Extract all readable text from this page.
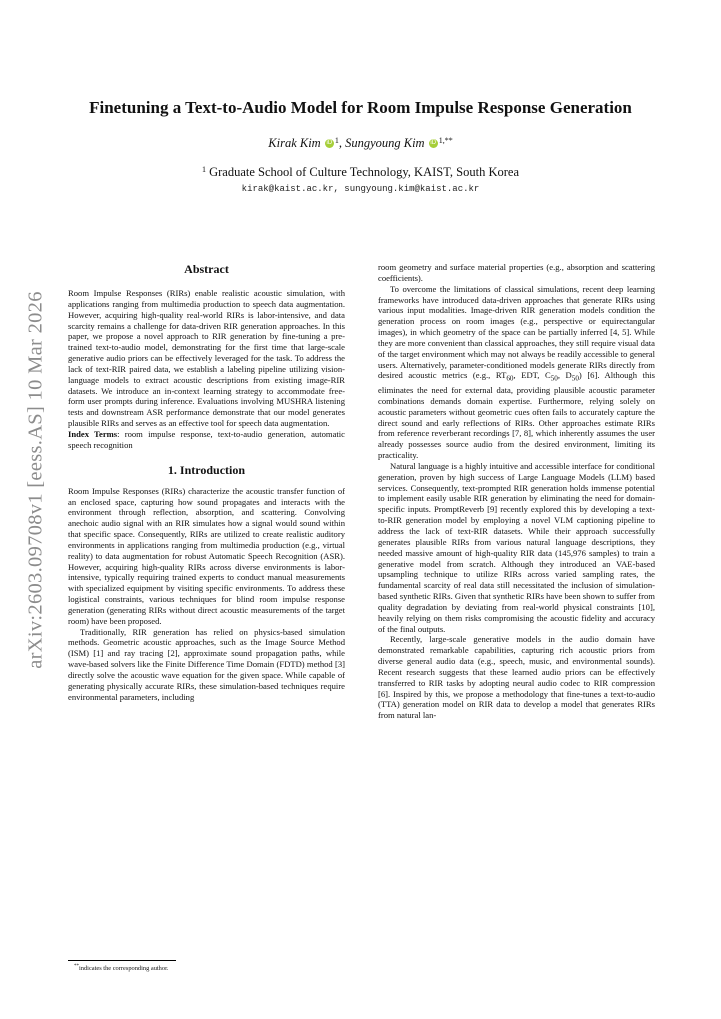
arXiv:2603.09708v1 [eess.AS] 10 Mar 2026
Finetuning a Text-to-Audio Model for Room Impulse Response Generation
Kirak Kim iD $^1$, Sungyoung Kim iD $^{1,**}$
$^1$ Graduate School of Culture Technology, KAIST, South Korea
kirak@kaist.ac.kr, sungyoung.kim@kaist.ac.kr
Abstract

Room Impulse Responses (RIRs) enable realistic acoustic simulation, with applications ranging from multimedia production to speech data augmentation. However, acquiring high-quality real-world RIRs is labor-intensive, and data scarcity remains a challenge for data-driven RIR generation approaches. In this paper, we propose a novel approach to RIR generation by fine-tuning a pre-trained text-to-audio model, demonstrating for the first time that large-scale generative audio priors can be effectively leveraged for the task. To address the lack of text-RIR paired data, we establish a labeling pipeline utilizing vision-language models to extract acoustic descriptions from existing image-RIR datasets. We introduce an in-context learning strategy to accommodate free-form user prompts during inference. Evaluations involving MUSHRA listening tests and downstream ASR performance demonstrate that our model generates plausible RIRs and serves as an effective tool for speech data augmentation.

Index Terms: room impulse response, text-to-audio generation, automatic speech recognition

1. Introduction

Room Impulse Responses (RIRs) characterize the acoustic transfer function of an enclosed space, capturing how sound propagates and interacts with the environment through reflection, absorption, and scattering. Convolving anechoic audio signal with an RIR simulates how a signal would sound within that specific space. Consequently, RIRs are utilized to create realistic auditory environments in applications ranging from multimedia production (e.g., virtual reality) to data augmentation for robust Automatic Speech Recognition (ASR). However, acquiring high-quality RIRs across diverse environments is labor-intensive, typically requiring trained experts to conduct manual measurements with specialized equipment by visiting specific environments. To address these logistical constraints, various techniques for blind room impulse response generation (generating RIRs without direct acoustic measurements of the target room) have been proposed.

Traditionally, RIR generation has relied on physics-based simulation methods. Geometric acoustic approaches, such as the Image Source Method (ISM) [1] and ray tracing [2], approximate sound propagation paths, while wave-based solvers like the Finite Difference Time Domain (FDTD) method [3] directly solve the acoustic wave equation for the given space. While capable of generating physically accurate RIRs, these simulation-based techniques require environmental parameters, including

room geometry and surface material properties (e.g., absorption and scattering coefficients).

To overcome the limitations of classical simulations, recent deep learning frameworks have introduced data-driven approaches that generate RIRs using various input modalities. Image-driven RIR generation models condition the generation process on room images (e.g., perspective or equirectangular images), in which geometry of the space can be partially inferred [4, 5]. While they are more convenient than classical approaches, they still require visual data of the target environment which may not always be readily accessible to general users. Alternatively, parameter-conditioned models generate RIRs directly from desired acoustic metrics (e.g., $RT_{60}$, EDT, $C_{50}$, $D_{50}$) [6]. Although this eliminates the need for external data, providing plausible acoustic parameter combinations demands domain expertise. Furthermore, relying solely on acoustic parameters without geometric cues often fails to accurately capture the direct sound and early reflections of RIRs. Other approaches estimate RIRs from reference reverberant recordings [7, 8], which inherently assumes the user already possesses source audio from the desired environment, limiting its practicality.

Natural language is a highly intuitive and accessible interface for conditional generation, proven by high success of Large Language Models (LLM) based services. Consequently, text-prompted RIR generation holds immense potential to implement easily usable RIR generation by eliminating the need for domain-specific inputs. PromptReverb [9] recently explored this by developing a text-to-RIR generation model by employing a novel VLM captioning pipeline to address the lack of text-RIR datasets. While their approach successfully generates plausible RIRs from various natural language descriptions, they needed massive amount of high-quality RIR data (145,976 samples) to train a generative model from scratch. Although they introduced an VAE-based upsampling technique to utilize RIRs across varied sampling rates, the fundamental scarcity of real data still necessitated the inclusion of simulation-based synthetic RIRs. Given that synthetic RIRs have been shown to suffer from quality degradation by deviating from real-world physical constraints [10], heavily relying on them risks compromising the acoustic fidelity and accuracy of the final outputs.

Recently, large-scale generative models in the audio domain have demonstrated remarkable capabilities, capturing rich acoustic priors from diverse general audio data (e.g., speech, music, and environmental sounds). Recent research suggests that these learned audio priors can be effectively transferred to RIR tasks by adopting neural audio codec to RIR compression [6]. Inspired by this, we propose a methodology that fine-tunes a text-to-audio (TTA) generation model on RIR data to develop a model that generates RIRs from natural lan-

**indicates the corresponding author.
